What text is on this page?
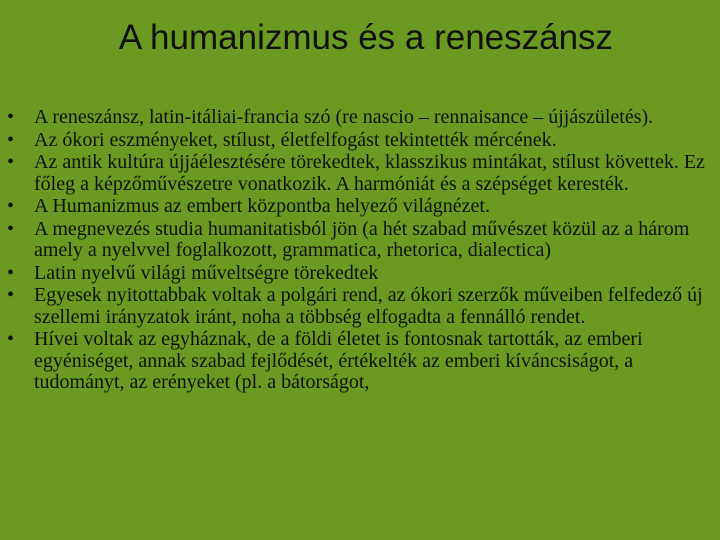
A humanizmus és a reneszánsz
• A reneszánsz, latin-itáliai-francia szó (re nascio – rennaisance – újjászületés).
• Az ókori eszményeket, stílust, életfelfogást tekintették mércének.
• Az antik kultúra újjáélesztésére törekedtek, klasszikus mintákat, stílust követtek. Ez főleg a képzőművészetre vonatkozik. A harmóniát és a szépséget keresték.
• A Humanizmus az embert központba helyező világnézet.
• A megnevezés studia humanitatisból jön (a hét szabad művészet közül az a három amely a nyelvvel foglalkozott, grammatica, rhetorica, dialectica)
• Latin nyelvű világi műveltségre törekedtek
• Egyesek nyitottabbak voltak a polgári rend, az ókori szerzők műveiben felfedező új szellemi irányzatok iránt, noha a többség elfogadta a fennálló rendet.
• Hívei voltak az egyháznak, de a földi életet is fontosnak tartották, az emberi egyéniséget, annak szabad fejlődését, értékelték az emberi kíváncsiságot, a tudományt, az erényeket (pl. a bátorságot,
